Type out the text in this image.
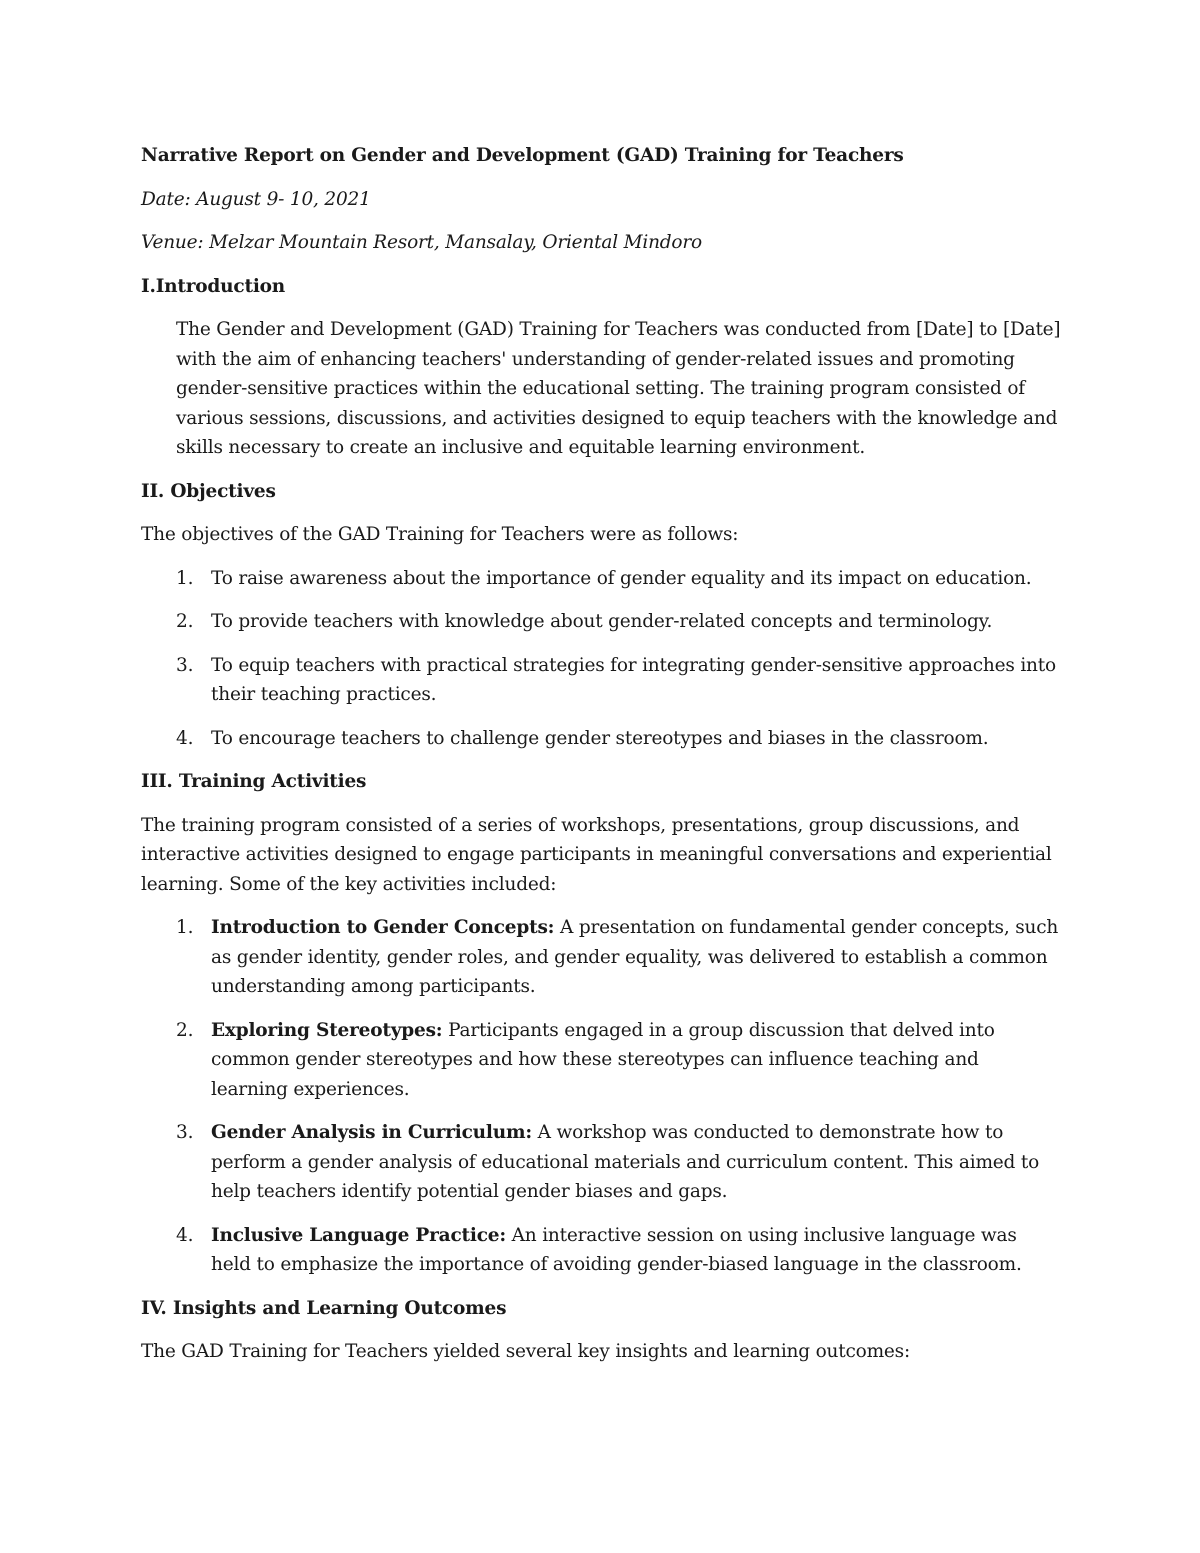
Narrative Report on Gender and Development (GAD) Training for Teachers

Date: August 9- 10, 2021

Venue: Melzar Mountain Resort, Mansalay, Oriental Mindoro

I.Introduction

The Gender and Development (GAD) Training for Teachers was conducted from [Date] to [Date] with the aim of enhancing teachers' understanding of gender-related issues and promoting gender-sensitive practices within the educational setting. The training program consisted of various sessions, discussions, and activities designed to equip teachers with the knowledge and skills necessary to create an inclusive and equitable learning environment.

II. Objectives

The objectives of the GAD Training for Teachers were as follows:

1. To raise awareness about the importance of gender equality and its impact on education.
2. To provide teachers with knowledge about gender-related concepts and terminology.
3. To equip teachers with practical strategies for integrating gender-sensitive approaches into their teaching practices.
4. To encourage teachers to challenge gender stereotypes and biases in the classroom.

III. Training Activities

The training program consisted of a series of workshops, presentations, group discussions, and interactive activities designed to engage participants in meaningful conversations and experiential learning. Some of the key activities included:

1. Introduction to Gender Concepts: A presentation on fundamental gender concepts, such as gender identity, gender roles, and gender equality, was delivered to establish a common understanding among participants.
2. Exploring Stereotypes: Participants engaged in a group discussion that delved into common gender stereotypes and how these stereotypes can influence teaching and learning experiences.
3. Gender Analysis in Curriculum: A workshop was conducted to demonstrate how to perform a gender analysis of educational materials and curriculum content. This aimed to help teachers identify potential gender biases and gaps.
4. Inclusive Language Practice: An interactive session on using inclusive language was held to emphasize the importance of avoiding gender-biased language in the classroom.

IV. Insights and Learning Outcomes

The GAD Training for Teachers yielded several key insights and learning outcomes:
